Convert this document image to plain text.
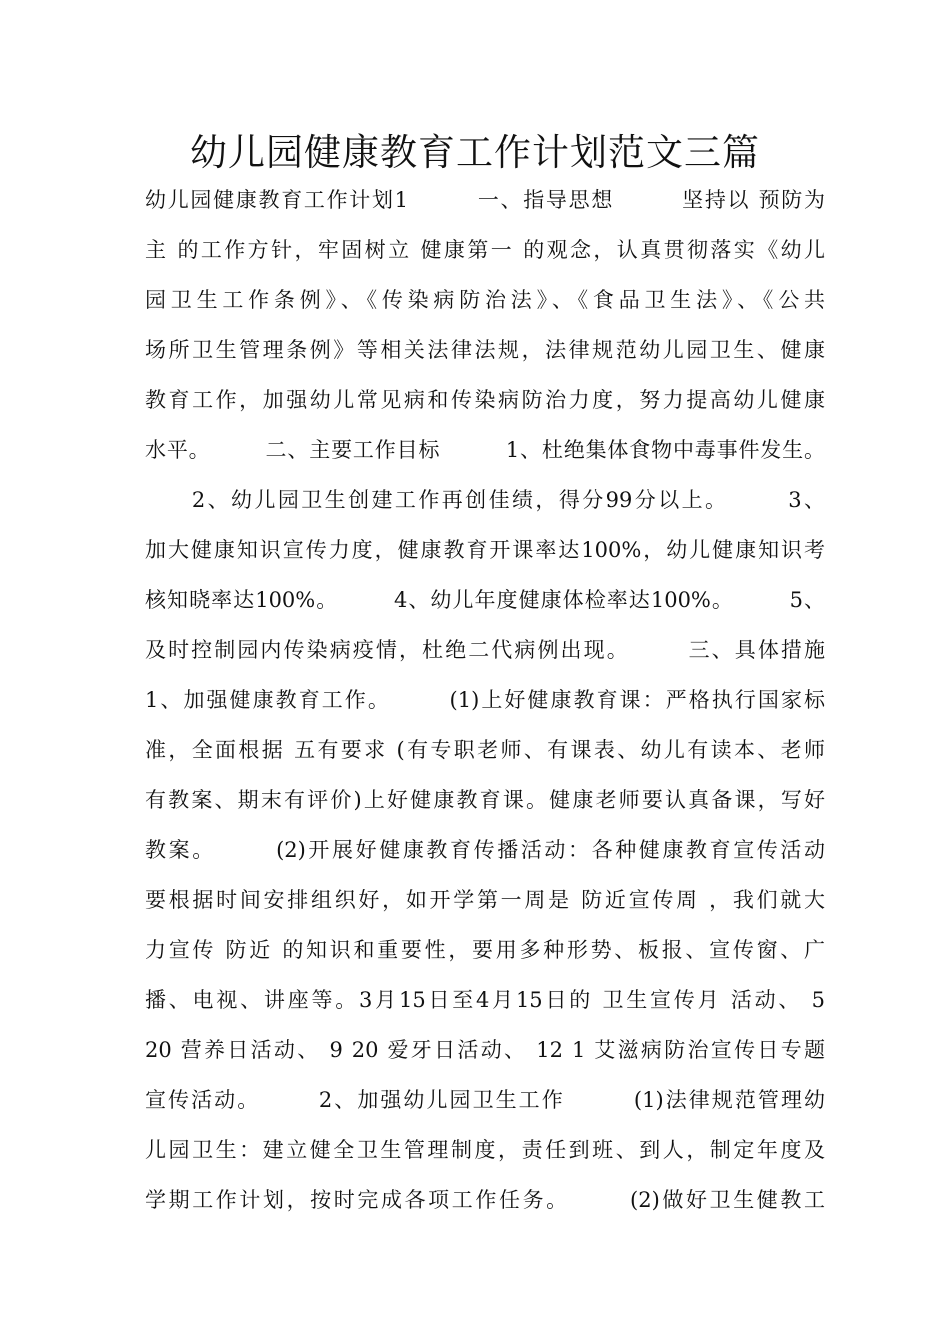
幼儿园健康教育工作计划范文三篇

幼儿园健康教育工作计划1　　　一、指导思想　　　坚持以 预防为

主 的工作方针，牢固树立 健康第一 的观念，认真贯彻落实《幼儿

园卫生工作条例》、《传染病防治法》、《食品卫生法》、《公共

场所卫生管理条例》等相关法律法规，法律规范幼儿园卫生、健康

教育工作，加强幼儿常见病和传染病防治力度，努力提高幼儿健康

水平。　　　二、主要工作目标　　　1、杜绝集体食物中毒事件发生。

　　2、幼儿园卫生创建工作再创佳绩，得分99分以上。　　　3、

加大健康知识宣传力度，健康教育开课率达100%，幼儿健康知识考

核知晓率达100%。　　　4、幼儿年度健康体检率达100%。　　　5、

及时控制园内传染病疫情，杜绝二代病例出现。　　　三、具体措施

1、加强健康教育工作。　　　(1)上好健康教育课：严格执行国家标

准，全面根据 五有要求 (有专职老师、有课表、幼儿有读本、老师

有教案、期末有评价)上好健康教育课。健康老师要认真备课，写好

教案。　　　(2)开展好健康教育传播活动：各种健康教育宣传活动

要根据时间安排组织好，如开学第一周是 防近宣传周 ，我们就大

力宣传 防近 的知识和重要性，要用多种形势、板报、宣传窗、广

播、电视、讲座等。3月15日至4月15日的 卫生宣传月 活动、 5

20 营养日活动、 9 20 爱牙日活动、 12 1 艾滋病防治宣传日专题

宣传活动。　　　2、加强幼儿园卫生工作　　　(1)法律规范管理幼

儿园卫生：建立健全卫生管理制度，责任到班、到人，制定年度及

学期工作计划，按时完成各项工作任务。　　　(2)做好卫生健教工
